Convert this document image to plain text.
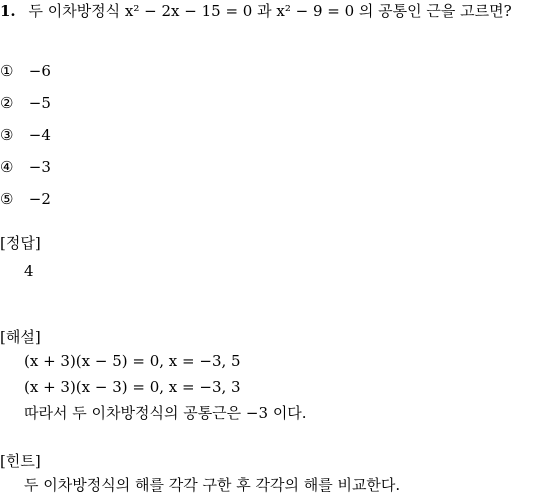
1. 두 이차방정식 x² − 2x − 15 = 0 과 x² − 9 = 0 의 공통인 근을 고르면?
① −6
② −5
③ −4
④ −3
⑤ −2
[정답]
4
[해설]
(x + 3)(x − 5) = 0, x = −3, 5
(x + 3)(x − 3) = 0, x = −3, 3
따라서 두 이차방정식의 공통근은 −3 이다.
[힌트]
두 이차방정식의 해를 각각 구한 후 각각의 해를 비교한다.
